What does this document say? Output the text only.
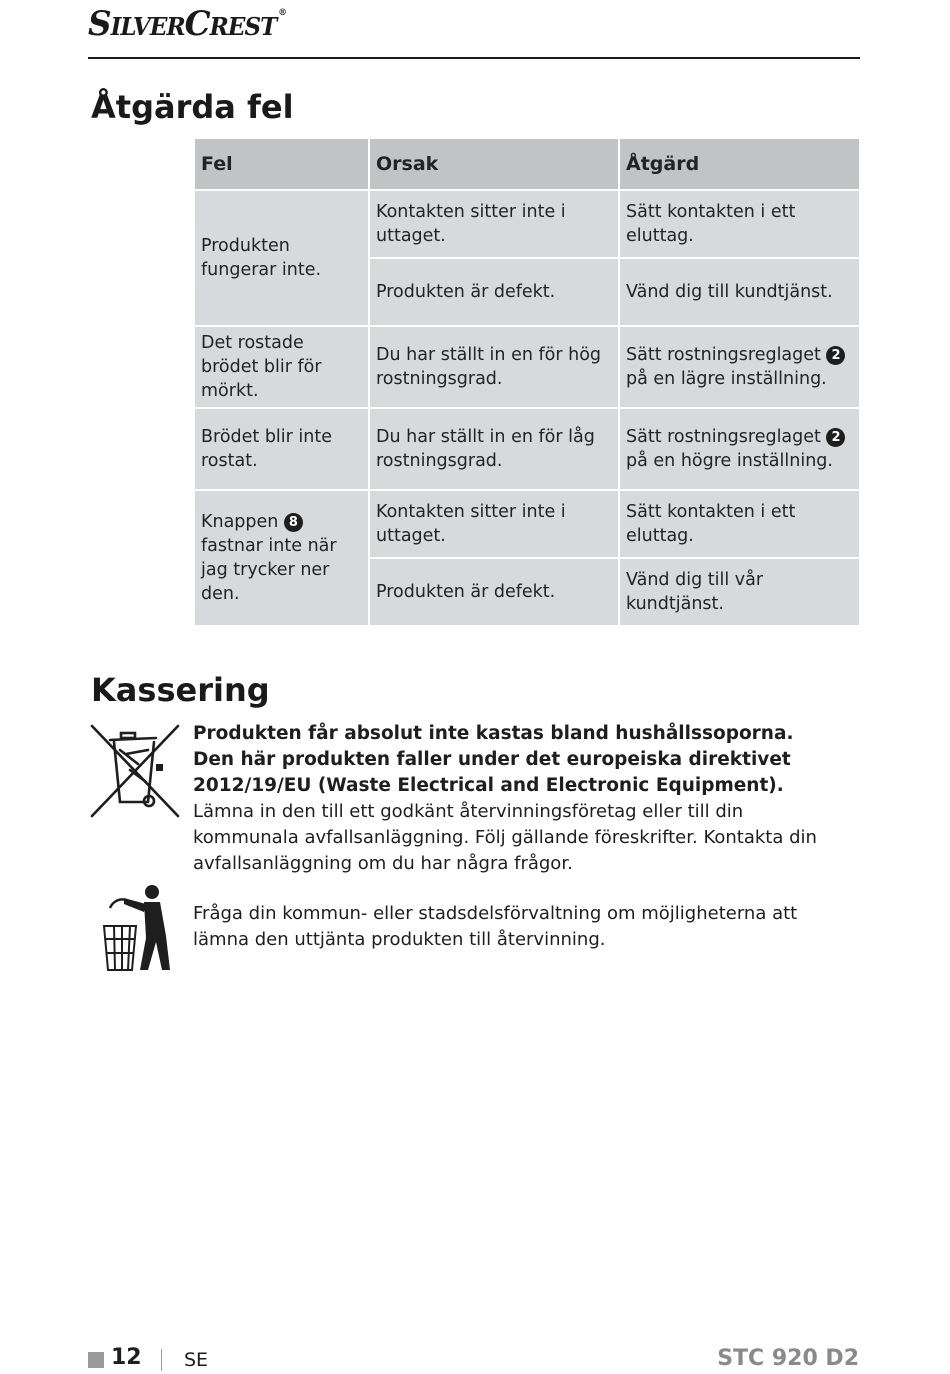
SilverCrest ®
Åtgärda fel
Fel	Orsak	Åtgärd
Produkten fungerar inte.	Kontakten sitter inte i uttaget.	Sätt kontakten i ett eluttag.
	Produkten är defekt.	Vänd dig till kundtjänst.
Det rostade brödet blir för mörkt.	Du har ställt in en för hög rostningsgrad.	Sätt rostningsreglaget 2 på en lägre inställning.
Brödet blir inte rostat.	Du har ställt in en för låg rostningsgrad.	Sätt rostningsreglaget 2 på en högre inställning.
Knappen 8 fastnar inte när jag trycker ner den.	Kontakten sitter inte i uttaget.	Sätt kontakten i ett eluttag.
	Produkten är defekt.	Vänd dig till vår kundtjänst.
Kassering
Produkten får absolut inte kastas bland hushållssoporna.
Den här produkten faller under det europeiska direktivet
2012/19/EU (Waste Electrical and Electronic Equipment).
Lämna in den till ett godkänt återvinningsföretag eller till din kommunala avfallsanläggning. Följ gällande föreskrifter. Kontakta din avfallsanläggning om du har några frågor.
Fråga din kommun- eller stadsdelsförvaltning om möjligheterna att lämna den uttjänta produkten till återvinning.
12 SE	STC 920 D2
